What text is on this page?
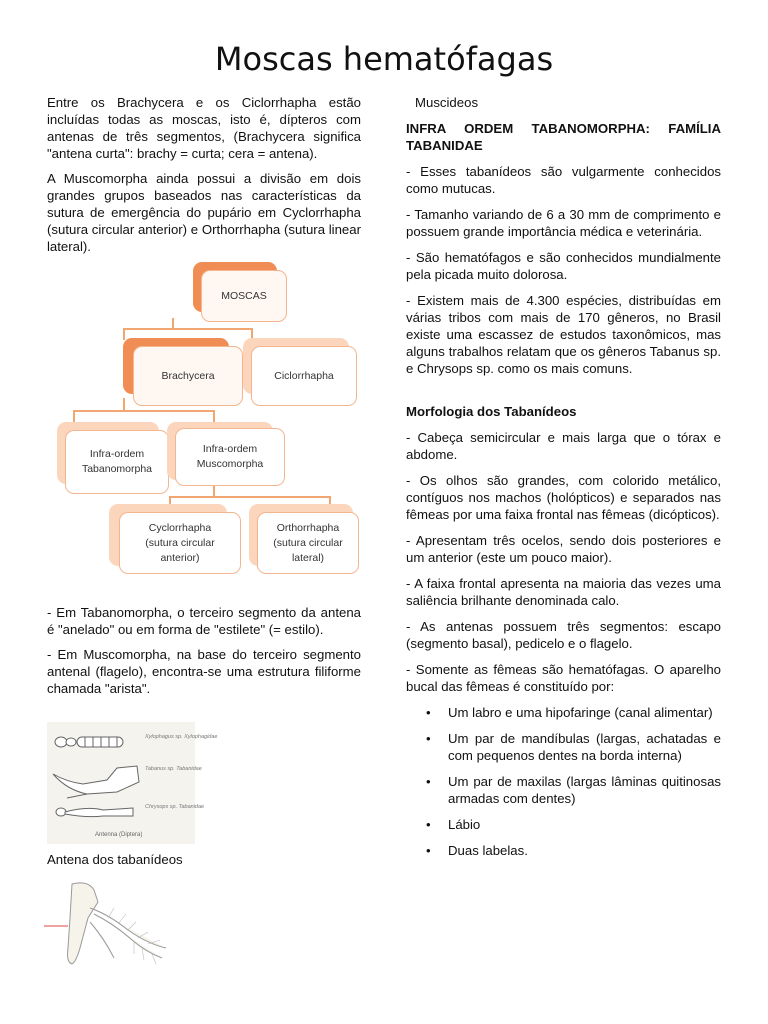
Moscas hematófagas

Entre os Brachycera e os Ciclorrhapha estão incluídas todas as moscas, isto é, dípteros com antenas de três segmentos, (Brachycera significa "antena curta": brachy = curta; cera = antena).

A Muscomorpha ainda possui a divisão em dois grandes grupos baseados nas características da sutura de emergência do pupário em Cyclorrhapha (sutura circular anterior) e Orthorrhapha (sutura linear lateral).

MOSCAS
Brachycera	Ciclorrhapha
Infra-ordem
Tabanomorpha
Infra-ordem
Muscomorpha
Cyclorrhapha
(sutura circular
anterior)
Orthorrhapha
(sutura circular
lateral)

- Em Tabanomorpha, o terceiro segmento da antena é "anelado" ou em forma de "estilete" (= estilo).

- Em Muscomorpha, na base do terceiro segmento antenal (flagelo), encontra-se uma estrutura filiforme chamada "arista".

Xylophagus sp. Xylophagidae
Tabanus sp. Tabanidae
Chrysops sp. Tabanidae
Antenna (Diptera)
Antena dos tabanídeos

Muscideos

INFRA ORDEM TABANOMORPHA: FAMÍLIA TABANIDAE

- Esses tabanídeos são vulgarmente conhecidos como mutucas.

- Tamanho variando de 6 a 30 mm de comprimento e possuem grande importância médica e veterinária.

- São hematófagos e são conhecidos mundialmente pela picada muito dolorosa.

- Existem mais de 4.300 espécies, distribuídas em várias tribos com mais de 170 gêneros, no Brasil existe uma escassez de estudos taxonômicos, mas alguns trabalhos relatam que os gêneros Tabanus sp. e Chrysops sp. como os mais comuns.

Morfologia dos Tabanídeos

- Cabeça semicircular e mais larga que o tórax e abdome.

- Os olhos são grandes, com colorido metálico, contíguos nos machos (holópticos) e separados nas fêmeas por uma faixa frontal nas fêmeas (dicópticos).

- Apresentam três ocelos, sendo dois posteriores e um anterior (este um pouco maior).

- A faixa frontal apresenta na maioria das vezes uma saliência brilhante denominada calo.

- As antenas possuem três segmentos: escapo (segmento basal), pedicelo e o flagelo.

- Somente as fêmeas são hematófagas. O aparelho bucal das fêmeas é constituído por:

• Um labro e uma hipofaringe (canal alimentar)
• Um par de mandíbulas (largas, achatadas e com pequenos dentes na borda interna)
• Um par de maxilas (largas lâminas quitinosas armadas com dentes)
• Lábio
• Duas labelas.
